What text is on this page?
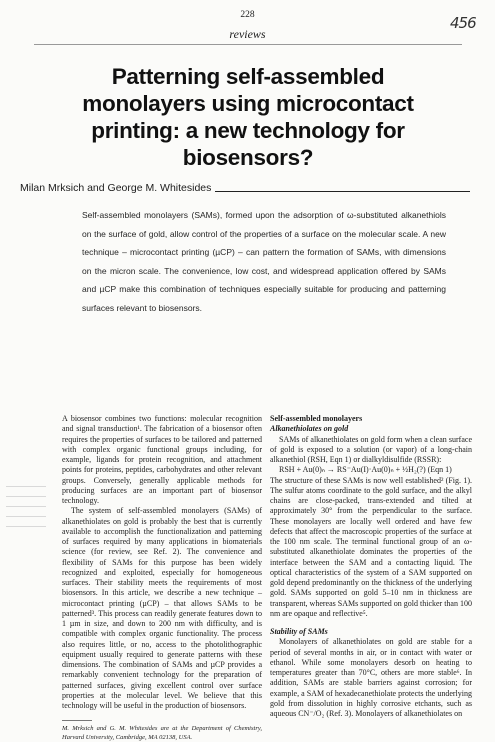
228	456
reviews
Patterning self-assembled monolayers using microcontact printing: a new technology for biosensors?
Milan Mrksich and George M. Whitesides
Self-assembled monolayers (SAMs), formed upon the adsorption of ω-substituted alkanethiols on the surface of gold, allow control of the properties of a surface on the molecular scale. A new technique – microcontact printing (µCP) – can pattern the formation of SAMs, with dimensions on the micron scale. The convenience, low cost, and widespread application offered by SAMs and µCP make this combination of techniques especially suitable for producing and patterning surfaces relevant to biosensors.

A biosensor combines two functions: molecular recognition and signal transduction¹. The fabrication of a biosensor often requires the properties of surfaces to be tailored and patterned with complex organic functional groups including, for example, ligands for protein recognition, and attachment points for proteins, peptides, carbohydrates and other relevant groups. Conversely, generally applicable methods for producing surfaces are an important part of biosensor technology.

The system of self-assembled monolayers (SAMs) of alkanethiolates on gold is probably the best that is currently available to accomplish the functionalization and patterning of surfaces required by many applications in biomaterials science (for review, see Ref. 2). The convenience and flexibility of SAMs for this purpose has been widely recognized and exploited, especially for homogeneous surfaces. Their stability meets the requirements of most biosensors. In this article, we describe a new technique – microcontact printing (µCP) – that allows SAMs to be patterned³. This process can readily generate features down to 1 µm in size, and down to 200 nm with difficulty, and is compatible with complex organic functionality. The process also requires little, or no, access to the photolithographic equipment usually required to generate patterns with these dimensions. The combination of SAMs and µCP provides a remarkably convenient technology for the preparation of patterned surfaces, giving excellent control over surface properties at the molecular level. We believe that this technology will be useful in the production of biosensors.

M. Mrksich and G. M. Whitesides are at the Department of Chemistry, Harvard University, Cambridge, MA 02138, USA.

Self-assembled monolayers

Alkanethiolates on gold

SAMs of alkanethiolates on gold form when a clean surface of gold is exposed to a solution (or vapor) of a long-chain alkanethiol (RSH, Eqn 1) or dialkyldisulfide (RSSR):

RSH + Au(0)ₙ → RS⁻Au(I)·Au(0)ₙ + ½H₂(?) (Eqn 1)

The structure of these SAMs is now well established² (Fig. 1). The sulfur atoms coordinate to the gold surface, and the alkyl chains are close-packed, trans-extended and tilted at approximately 30° from the perpendicular to the surface. These monolayers are locally well ordered and have few defects that affect the macroscopic properties of the surface at the 100 nm scale. The terminal functional group of an ω-substituted alkanethiolate dominates the properties of the interface between the SAM and a contacting liquid. The optical characteristics of the system of a SAM supported on gold depend predominantly on the thickness of the underlying gold. SAMs supported on gold 5–10 nm in thickness are transparent, whereas SAMs supported on gold thicker than 100 nm are opaque and reflective⁵.

Stability of SAMs

Monolayers of alkanethiolates on gold are stable for a period of several months in air, or in contact with water or ethanol. While some monolayers desorb on heating to temperatures greater than 70°C, others are more stable⁶. In addition, SAMs are stable barriers against corrosion; for example, a SAM of hexadecanethiolate protects the underlying gold from dissolution in highly corrosive etchants, such as aqueous CN⁻/O₂ (Ref. 3). Monolayers of alkanethiolates on
